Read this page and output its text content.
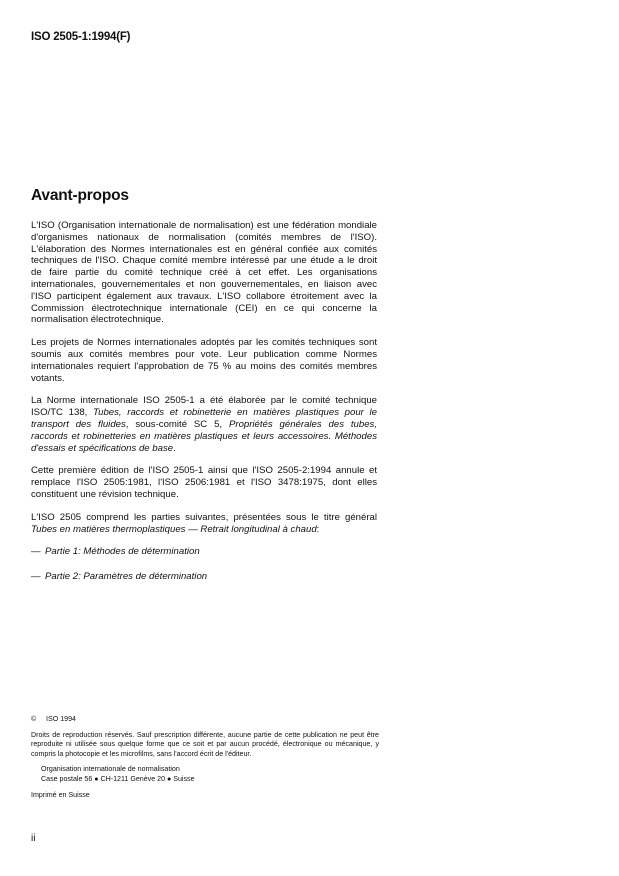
ISO 2505-1:1994(F)
Avant-propos

L'ISO (Organisation internationale de normalisation) est une fédération mondiale d'organismes nationaux de normalisation (comités membres de l'ISO). L'élaboration des Normes internationales est en général confiée aux comités techniques de l'ISO. Chaque comité membre intéressé par une étude a le droit de faire partie du comité technique créé à cet effet. Les organisations internationales, gouvernementales et non gouvernementales, en liaison avec l'ISO participent également aux travaux. L'ISO collabore étroitement avec la Commission électrotechnique internationale (CEI) en ce qui concerne la normalisation électrotechnique.

Les projets de Normes internationales adoptés par les comités techniques sont soumis aux comités membres pour vote. Leur publication comme Normes internationales requiert l'approbation de 75 % au moins des comités membres votants.

La Norme internationale ISO 2505-1 a été élaborée par le comité technique ISO/TC 138, Tubes, raccords et robinetterie en matières plastiques pour le transport des fluides, sous-comité SC 5, Propriétés générales des tubes, raccords et robinetteries en matières plastiques et leurs accessoires. Méthodes d'essais et spécifications de base.

Cette première édition de l'ISO 2505-1 ainsi que l'ISO 2505-2:1994 annule et remplace l'ISO 2505:1981, l'ISO 2506:1981 et l'ISO 3478:1975, dont elles constituent une révision technique.

L'ISO 2505 comprend les parties suivantes, présentées sous le titre général Tubes en matières thermoplastiques — Retrait longitudinal à chaud:

— Partie 1: Méthodes de détermination

— Partie 2: Paramètres de détermination

© ISO 1994

Droits de reproduction réservés. Sauf prescription différente, aucune partie de cette publication ne peut être reproduite ni utilisée sous quelque forme que ce soit et par aucun procédé, électronique ou mécanique, y compris la photocopie et les microfilms, sans l'accord écrit de l'éditeur.

Organisation internationale de normalisation
Case postale 56 ● CH-1211 Genève 20 ● Suisse

Imprimé en Suisse

ii
